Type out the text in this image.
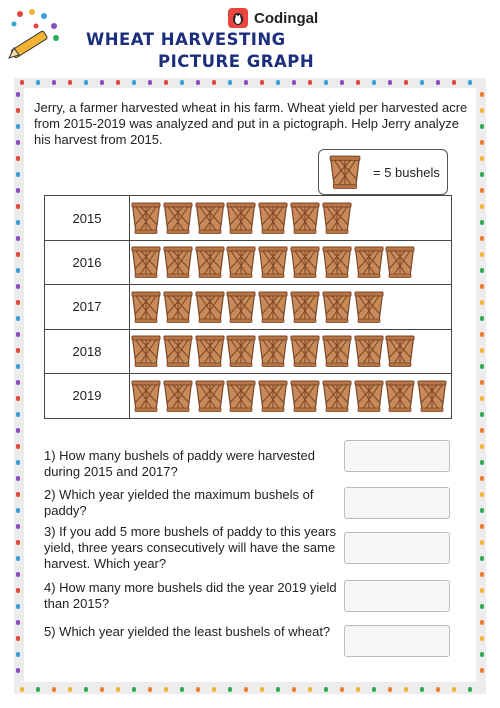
Codingal
WHEAT HARVESTING
PICTURE GRAPH
Jerry, a farmer harvested wheat in his farm. Wheat yield per harvested acre from 2015-2019 was analyzed and put in a pictograph. Help Jerry analyze his harvest from 2015.
= 5 bushels
2015
2016
2017
2018
2019
1) How many bushels of paddy were harvested during 2015 and 2017?
2) Which year yielded the maximum bushels of paddy?
3) If you add 5 more bushels of paddy to this years yield, three years consecutively will have the same harvest. Which year?
4) How many more bushels did the year 2019 yield than 2015?
5) Which year yielded the least bushels of wheat?
